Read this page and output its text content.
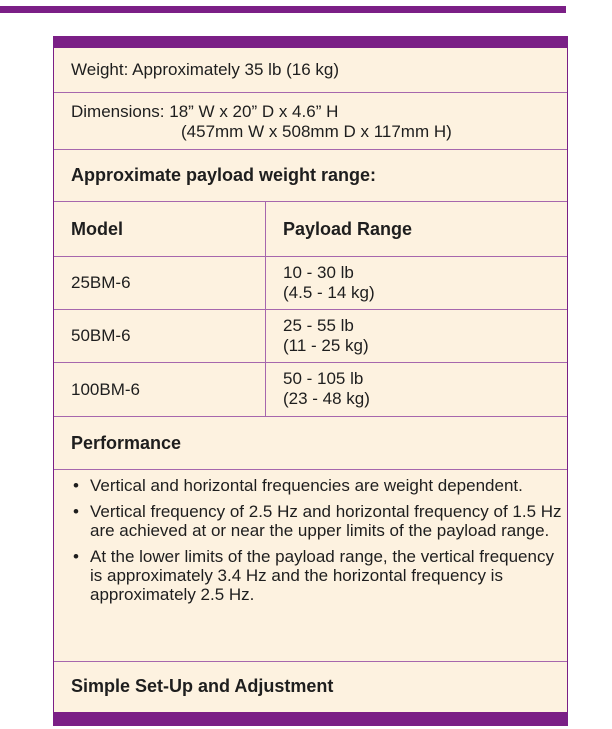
Weight: Approximately 35 lb (16 kg)
Dimensions: 18” W x 20” D x 4.6” H
(457mm W x 508mm D x 117mm H)
Approximate payload weight range:
Model	Payload Range
25BM-6
10 - 30 lb
(4.5 - 14 kg)
50BM-6
25 - 55 lb
(11 - 25 kg)
100BM-6
50 - 105 lb
(23 - 48 kg)
Performance
• Vertical and horizontal frequencies are weight dependent.
• Vertical frequency of 2.5 Hz and horizontal frequency of 1.5 Hz are achieved at or near the upper limits of the payload range.
• At the lower limits of the payload range, the vertical frequency is approximately 3.4 Hz and the horizontal frequency is approximately 2.5 Hz.
Simple Set-Up and Adjustment
